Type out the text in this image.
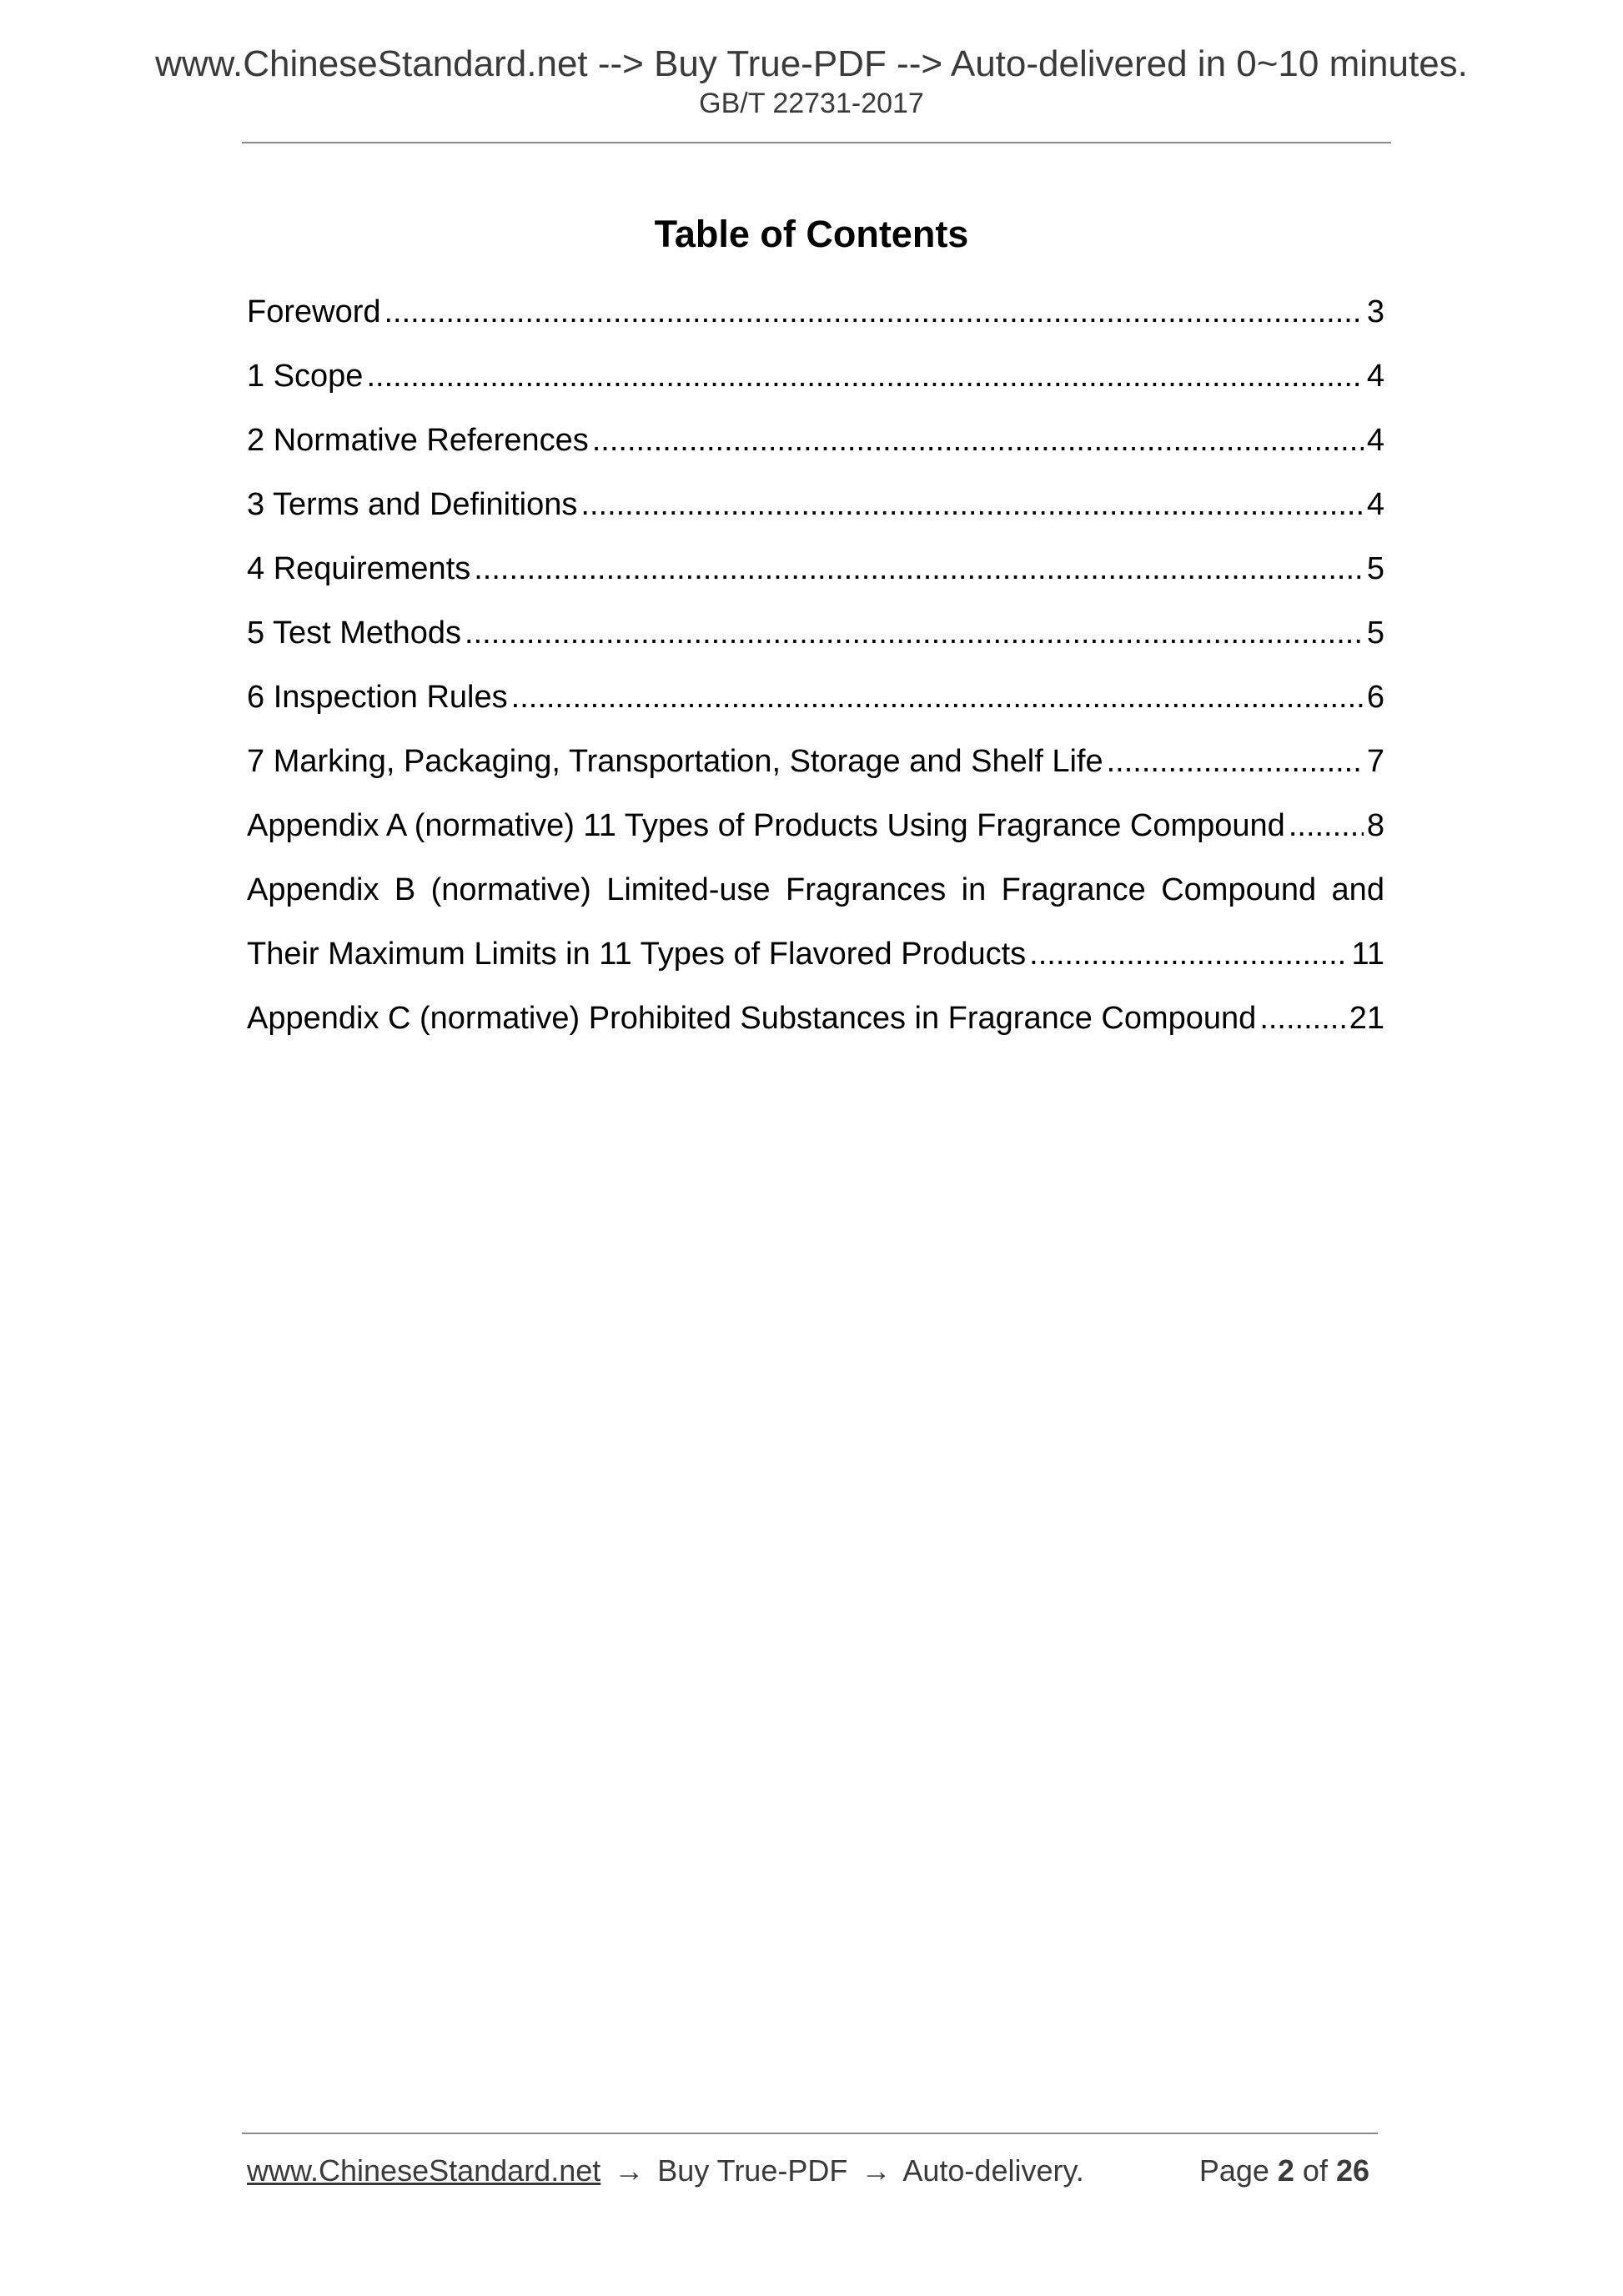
www.ChineseStandard.net --> Buy True-PDF --> Auto-delivered in 0~10 minutes.
GB/T 22731-2017
Table of Contents
Foreword .....	3
1 Scope .....	4
2 Normative References .....	4
3 Terms and Definitions .....	4
4 Requirements .....	5
5 Test Methods .....	5
6 Inspection Rules .....	6
7 Marking, Packaging, Transportation, Storage and Shelf Life .....	7
Appendix A (normative) 11 Types of Products Using Fragrance Compound .....	8
Appendix B (normative) Limited-use Fragrances in Fragrance Compound and
Their Maximum Limits in 11 Types of Flavored Products .....	11
Appendix C (normative) Prohibited Substances in Fragrance Compound .....	21
www.ChineseStandard.net → Buy True-PDF → Auto-delivery.	Page 2 of 26
